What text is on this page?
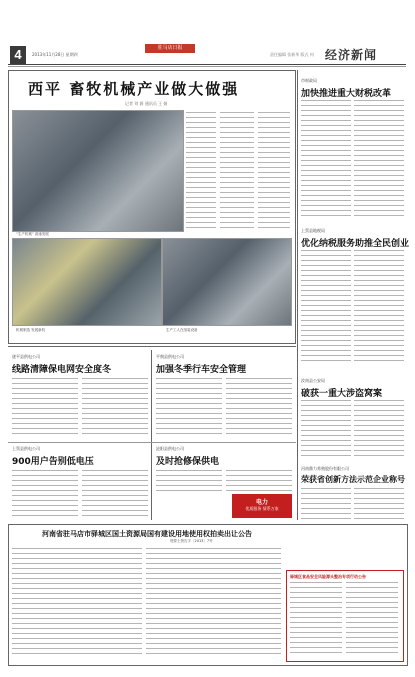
4	2013年11月28日 星期四
驻马店日报
责任编辑 张新华 版式 何 经济新闻
西平 畜牧机械产业做大做强
记者 刘 源 通讯员 王 娟
“生产机械” 高速发展
机械制造 发展新机	生产工人在组装设备
市财政局
加快推进重大财税改革
上蔡县地税局
优化纳税服务助推全民创业
汝南县公安局
破获一重大涉盗窝案
河南鼎力养殖股份有限公司
荣获省创新方法示范企业称号
遂平县供电公司
线路清障保电网安全度冬
平舆县供电公司
加强冬季行车安全管理
上蔡县供电公司
900用户告别低电压
泌阳县供电公司
及时抢修保供电
电力
优质服务 情系万家
河南省驻马店市驿城区国土资源局国有建设用地使用权拍卖出让公告
驻驿土资告字〔2013〕7号
驿城区食品安全风险源头整治专项行动公告
